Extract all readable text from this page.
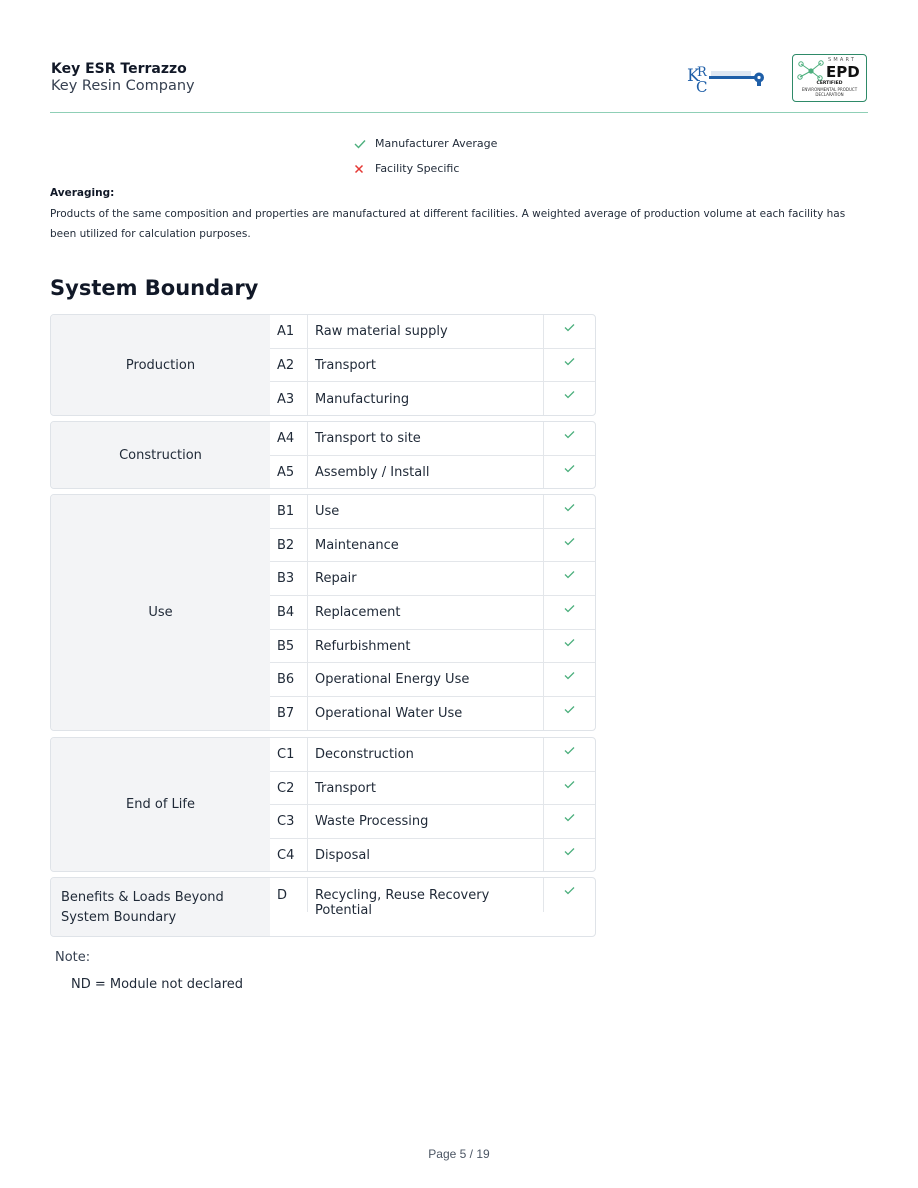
Key ESR Terrazzo
Key Resin Company	K
R
C
SMART
EPD
CERTIFIED
ENVIRONMENTAL PRODUCT DECLARATION
Manufacturer Average
Facility Specific
Averaging:
Products of the same composition and properties are manufactured at different facilities. A weighted average of production volume at each facility has been utilized for calculation purposes.
System Boundary
Production
A1	Raw material supply
A2	Transport
A3	Manufacturing
Construction
A4	Transport to site
A5	Assembly / Install
Use
B1	Use
B2	Maintenance
B3	Repair
B4	Replacement
B5	Refurbishment
B6	Operational Energy Use
B7	Operational Water Use
End of Life
C1	Deconstruction
C2	Transport
C3	Waste Processing
C4	Disposal
Benefits & Loads Beyond System Boundary
D	Recycling, Reuse Recovery Potential
Note:
ND = Module not declared
Page 5 / 19
